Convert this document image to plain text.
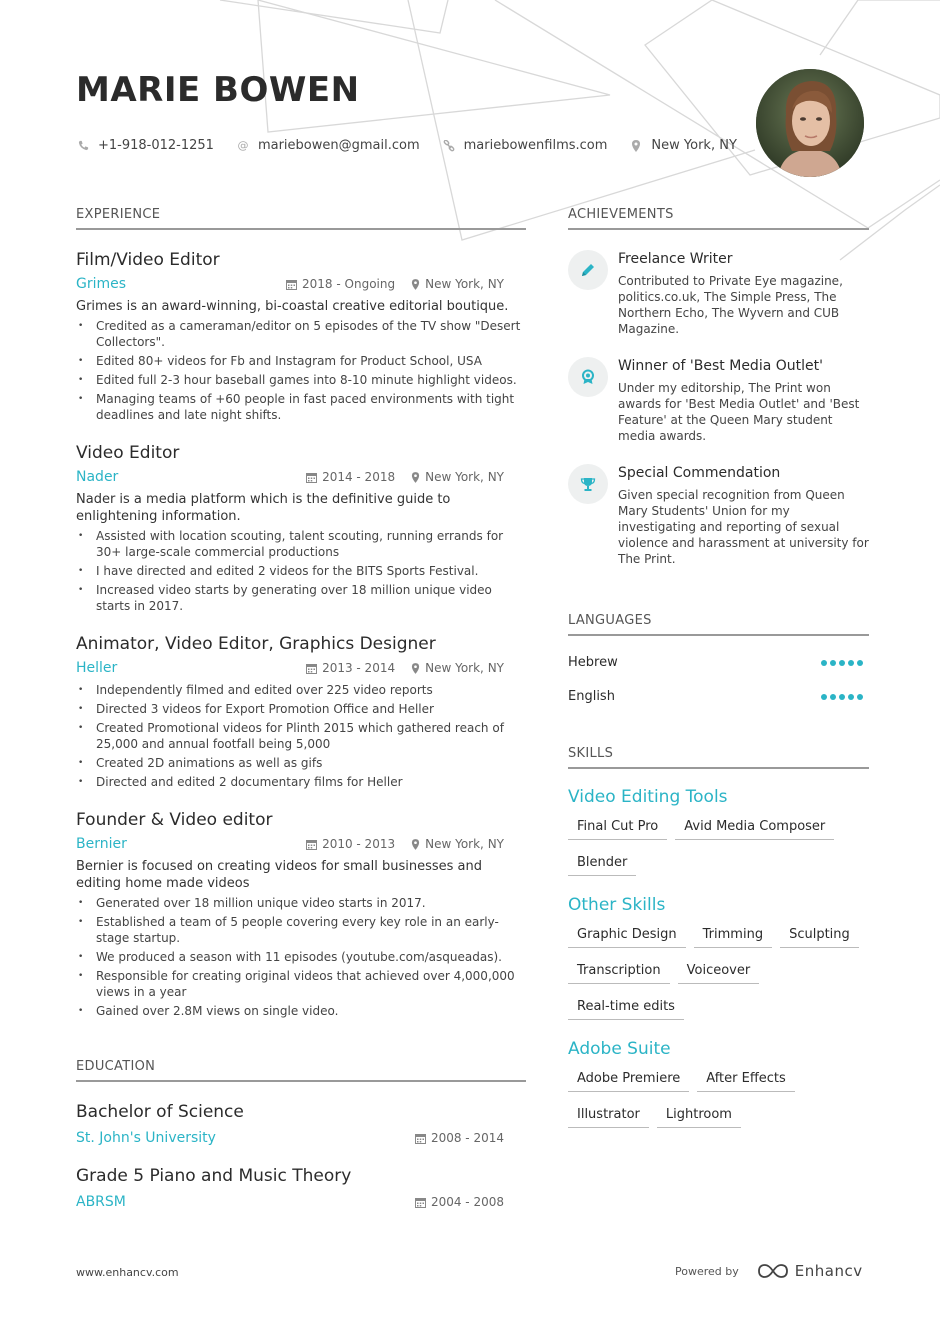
MARIE BOWEN
+1-918-012-1251 @ mariebowen@gmail.com	mariebowenfilms.com	New York, NY
EXPERIENCE
Film/Video Editor
Grimes	2018 - Ongoing	New York, NY
Grimes is an award-winning, bi-coastal creative editorial boutique.
• Credited as a cameraman/editor on 5 episodes of the TV show "Desert Collectors".
• Edited 80+ videos for Fb and Instagram for Product School, USA
• Edited full 2-3 hour baseball games into 8-10 minute highlight videos.
• Managing teams of +60 people in fast paced environments with tight deadlines and late night shifts.
Video Editor
Nader	2014 - 2018	New York, NY
Nader is a media platform which is the definitive guide to enlightening information.
• Assisted with location scouting, talent scouting, running errands for 30+ large-scale commercial productions
• I have directed and edited 2 videos for the BITS Sports Festival.
• Increased video starts by generating over 18 million unique video starts in 2017.
Animator, Video Editor, Graphics Designer
Heller	2013 - 2014	New York, NY
• Independently filmed and edited over 225 video reports
• Directed 3 videos for Export Promotion Office and Heller
• Created Promotional videos for Plinth 2015 which gathered reach of 25,000 and annual footfall being 5,000
• Created 2D animations as well as gifs
• Directed and edited 2 documentary films for Heller
Founder & Video editor
Bernier	2010 - 2013	New York, NY
Bernier is focused on creating videos for small businesses and editing home made videos
• Generated over 18 million unique video starts in 2017.
• Established a team of 5 people covering every key role in an early-stage startup.
• We produced a season with 11 episodes (youtube.com/asqueadas).
• Responsible for creating original videos that achieved over 4,000,000 views in a year
• Gained over 2.8M views on single video.
EDUCATION
Bachelor of Science
St. John's University	2008 - 2014
Grade 5 Piano and Music Theory
ABRSM	2004 - 2008
ACHIEVEMENTS
Freelance Writer
Contributed to Private Eye magazine, politics.co.uk, The Simple Press, The Northern Echo, The Wyvern and CUB Magazine.
Winner of 'Best Media Outlet'
Under my editorship, The Print won awards for 'Best Media Outlet' and 'Best Feature' at the Queen Mary student media awards.
Special Commendation
Given special recognition from Queen Mary Students' Union for my investigating and reporting of sexual violence and harassment at university for The Print.
LANGUAGES
Hebrew
English
SKILLS
Video Editing Tools
Final Cut Pro	Avid Media Composer
Blender
Other Skills
Graphic Design	Trimming	Sculpting
Transcription	Voiceover
Real-time edits
Adobe Suite
Adobe Premiere	After Effects
Illustrator	Lightroom
www.enhancv.com	Powered by	Enhancv
